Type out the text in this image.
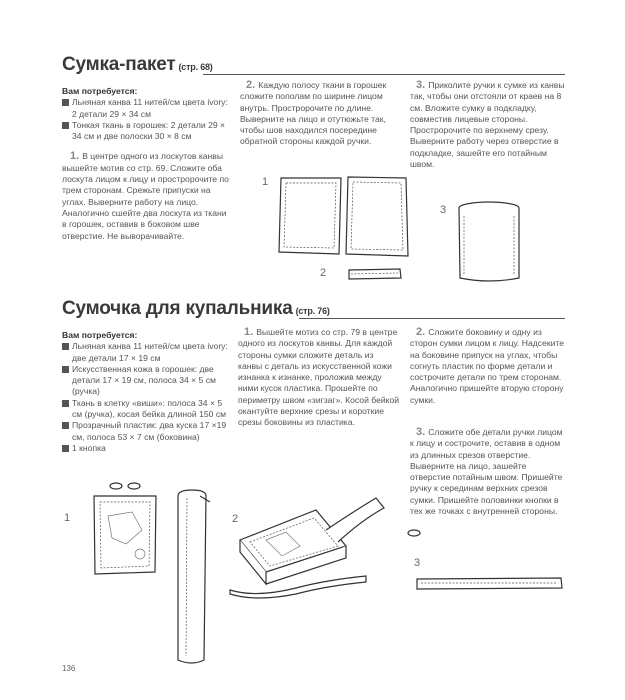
Сумка-пакет (стр. 68)
Вам потребуется:
Льняная канва 11 нитей/см цвета ivory: 2 детали 29 × 34 см
Тонкая ткань в горошек: 2 детали 29 × 34 см и две полоски 30 × 8 см

1. В центре одного из лоскутов канвы вышейте мотив со стр. 69. Сложите оба лоскута лицом к лицу и простророчите по трем сторонам. Срежьте припуски на углах. Выверните работу на лицо. Аналогично сшейте два лоскута из ткани в горошек, оставив в боковом шве отверстие. Не выворачивайте.

2. Каждую полосу ткани в горошек сложите пополам по ширине лицом внутрь. Простророчите по длине. Выверните на лицо и отутюжьте так, чтобы шов находился посередине обратной стороны каждой ручки.

3. Приколите ручки к сумке из канвы так, чтобы они отстояли от краев на 8 см. Вложите сумку в подкладку, совместив лицевые стороны. Простророчите по верхнему срезу. Выверните работу через отверстие в подкладке, зашейте его потайным швом.

1
2
3
Сумочка для купальника (стр. 76)
Вам потребуется:
Льняная канва 11 нитей/см цвета ivory: две детали 17 × 19 см
Искусственная кожа в горошек: две детали 17 × 19 см, полоса 34 × 5 см (ручка)
Ткань в клетку «виши»: полоса 34 × 5 см (ручка), косая бейка длиной 150 см
Прозрачный пластик: два куска 17 ×19 см, полоса 53 × 7 см (боковина)
1 кнопка

1. Вышейте мотиз со стр. 79 в центре одного из лоскутов канвы. Для каждой стороны сумки сложите деталь из канвы с деталь из искусственной кожи изнанка к изнанке, проложив между ними кусок пластика. Прошейте по периметру швом «зигзаг». Косой бейкой окантуйте верхние срезы и короткие срезы боковины из пластика.

2. Сложите боковину и одну из сторон сумки лицом к лицу. Надсеките на боковине припуск на углах, чтобы согнуть пластик по форме детали и сострочите детали по трем сторонам. Аналогично пришейте вторую сторону сумки.

3. Сложите обе детали ручки лицом к лицу и сострочите, оставив в одном из длинных срезов отверстие. Выверните на лицо, зашейте отверстие потайным швом. Пришейте ручку к серединам верхних срезов сумки. Пришейте половинки кнопки в тех же точках с внутренней стороны.

1	2
3
136
